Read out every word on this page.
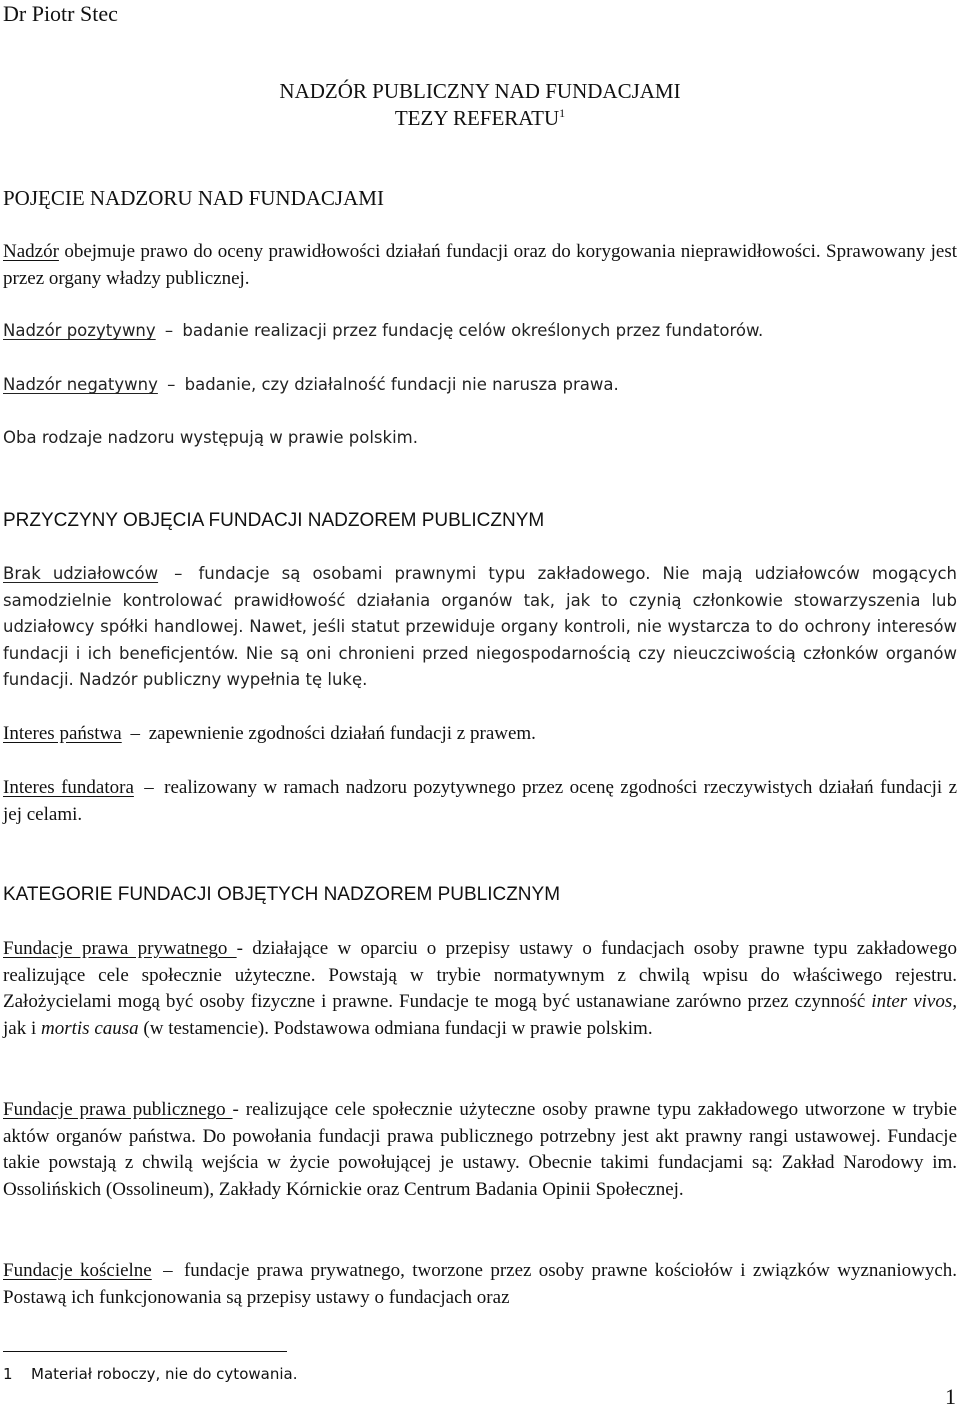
Dr Piotr Stec
NADZÓR PUBLICZNY NAD FUNDACJAMI
TEZY REFERATU$^1$
POJĘCIE NADZORU NAD FUNDACJAMI

Nadzór obejmuje prawo do oceny prawidłowości działań fundacji oraz do korygowania nieprawidłowości. Sprawowany jest przez organy władzy publicznej.

Nadzór pozytywny – badanie realizacji przez fundację celów określonych przez fundatorów.

Nadzór negatywny – badanie, czy działalność fundacji nie narusza prawa.

Oba rodzaje nadzoru występują w prawie polskim.

PRZYCZYNY OBJĘCIA FUNDACJI NADZOREM PUBLICZNYM

Brak udziałowców – fundacje są osobami prawnymi typu zakładowego. Nie mają udziałowców mogących samodzielnie kontrolować prawidłowość działania organów tak, jak to czynią członkowie stowarzyszenia lub udziałowcy spółki handlowej. Nawet, jeśli statut przewiduje organy kontroli, nie wystarcza to do ochrony interesów fundacji i ich beneficjentów. Nie są oni chronieni przed niegospodarnością czy nieuczciwością członków organów fundacji. Nadzór publiczny wypełnia tę lukę.

Interes państwa – zapewnienie zgodności działań fundacji z prawem.

Interes fundatora – realizowany w ramach nadzoru pozytywnego przez ocenę zgodności rzeczywistych działań fundacji z jej celami.

KATEGORIE FUNDACJI OBJĘTYCH NADZOREM PUBLICZNYM

Fundacje prawa prywatnego - działające w oparciu o przepisy ustawy o fundacjach osoby prawne typu zakładowego realizujące cele społecznie użyteczne. Powstają w trybie normatywnym z chwilą wpisu do właściwego rejestru. Założycielami mogą być osoby fizyczne i prawne. Fundacje te mogą być ustanawiane zarówno przez czynność inter vivos, jak i mortis causa (w testamencie). Podstawowa odmiana fundacji w prawie polskim.

Fundacje prawa publicznego - realizujące cele społecznie użyteczne osoby prawne typu zakładowego utworzone w trybie aktów organów państwa. Do powołania fundacji prawa publicznego potrzebny jest akt prawny rangi ustawowej. Fundacje takie powstają z chwilą wejścia w życie powołującej je ustawy. Obecnie takimi fundacjami są: Zakład Narodowy im. Ossolińskich (Ossolineum), Zakłady Kórnickie oraz Centrum Badania Opinii Społecznej.

Fundacje kościelne – fundacje prawa prywatnego, tworzone przez osoby prawne kościołów i związków wyznaniowych. Postawą ich funkcjonowania są przepisy ustawy o fundacjach oraz

1 Materiał roboczy, nie do cytowania.
1
